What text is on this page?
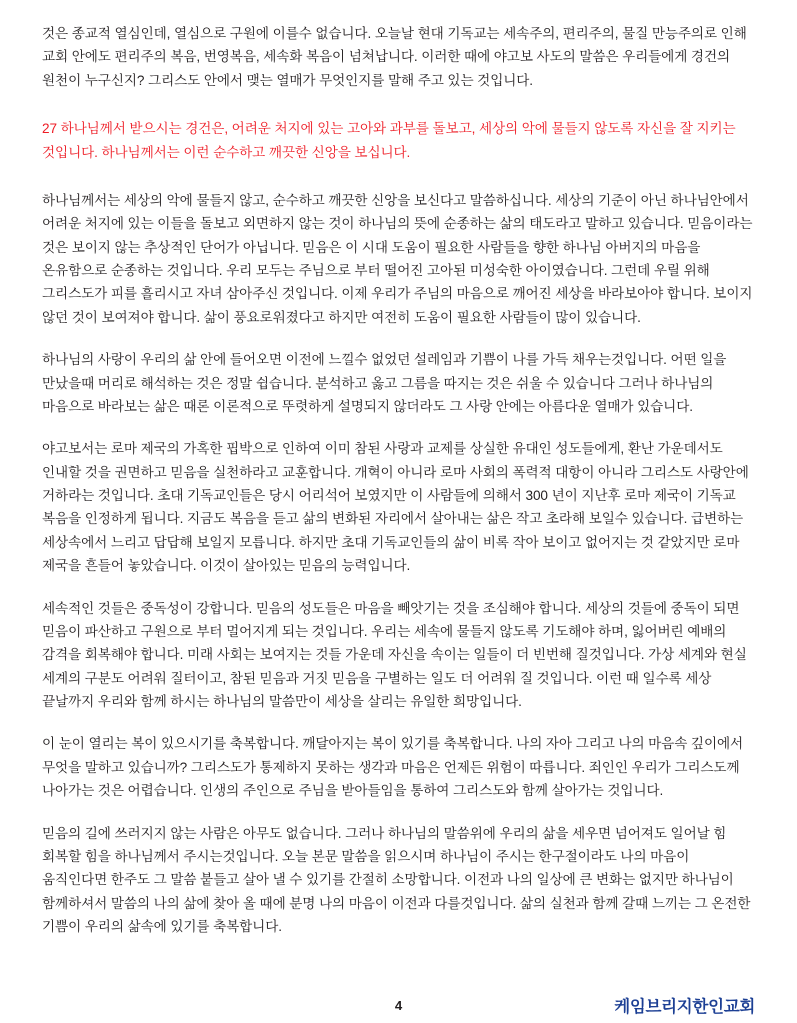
것은 종교적 열심인데, 열심으로 구원에 이를수 없습니다. 오늘날 현대 기독교는 세속주의, 편리주의, 물질 만능주의로 인해 교회 안에도 편리주의 복음, 번영복음, 세속화 복음이 넘쳐납니다. 이러한 때에 야고보 사도의 말씀은 우리들에게 경건의 원천이 누구신지? 그리스도 안에서 맺는 열매가 무엇인지를 말해 주고 있는 것입니다.

27 하나님께서 받으시는 경건은, 어려운 처지에 있는 고아와 과부를 돌보고, 세상의 악에 물들지 않도록 자신을 잘 지키는 것입니다. 하나님께서는 이런 순수하고 깨끗한 신앙을 보십니다.

하나님께서는 세상의 악에 물들지 않고, 순수하고 깨끗한 신앙을 보신다고 말씀하십니다. 세상의 기준이 아닌 하나님안에서 어려운 처지에 있는 이들을 돌보고 외면하지 않는 것이 하나님의 뜻에 순종하는 삶의 태도라고 말하고 있습니다. 믿음이라는 것은 보이지 않는 추상적인 단어가 아닙니다. 믿음은 이 시대 도움이 필요한 사람들을 향한 하나님 아버지의 마음을 온유함으로 순종하는 것입니다. 우리 모두는 주님으로 부터 떨어진 고아된 미성숙한 아이였습니다. 그런데 우릴 위해 그리스도가 피를 흘리시고 자녀 삼아주신 것입니다. 이제 우리가 주님의 마음으로 깨어진 세상을 바라보아야 합니다. 보이지 않던 것이 보여져야 합니다. 삶이 풍요로워졌다고 하지만 여전히 도움이 필요한 사람들이 많이 있습니다.

하나님의 사랑이 우리의 삶 안에 들어오면 이전에 느낄수 없었던 설레임과 기쁨이 나를 가득 채우는것입니다. 어떤 일을 만났을때 머리로 해석하는 것은 정말 쉽습니다. 분석하고 옳고 그름을 따지는 것은 쉬울 수 있습니다 그러나 하나님의 마음으로 바라보는 삶은 때론 이론적으로 뚜렷하게 설명되지 않더라도 그 사랑 안에는 아름다운 열매가 있습니다.

야고보서는 로마 제국의 가혹한 핍박으로 인하여 이미 참된 사랑과 교제를 상실한 유대인 성도들에게, 환난 가운데서도 인내할 것을 권면하고 믿음을 실천하라고 교훈합니다. 개혁이 아니라 로마 사회의 폭력적 대항이 아니라 그리스도 사랑안에 거하라는 것입니다. 초대 기독교인들은 당시 어리석어 보였지만 이 사람들에 의해서 300 년이 지난후 로마 제국이 기독교 복음을 인정하게 됩니다. 지금도 복음을 듣고 삶의 변화된 자리에서 살아내는 삶은 작고 초라해 보일수 있습니다. 급변하는 세상속에서 느리고 답답해 보일지 모릅니다. 하지만 초대 기독교인들의 삶이 비록 작아 보이고 없어지는 것 같았지만 로마 제국을 흔들어 놓았습니다. 이것이 살아있는 믿음의 능력입니다.

세속적인 것들은 중독성이 강합니다. 믿음의 성도들은 마음을 빼앗기는 것을 조심해야 합니다. 세상의 것들에 중독이 되면 믿음이 파산하고 구원으로 부터 멀어지게 되는 것입니다. 우리는 세속에 물들지 않도록 기도해야 하며, 잃어버린 예배의 감격을 회복해야 합니다. 미래 사회는 보여지는 것들 가운데 자신을 속이는 일들이 더 빈번해 질것입니다. 가상 세계와 현실 세계의 구분도 어려워 질터이고, 참된 믿음과 거짓 믿음을 구별하는 일도 더 어려워 질 것입니다. 이런 때 일수록 세상 끝날까지 우리와 함께 하시는 하나님의 말씀만이 세상을 살리는 유일한 희망입니다.

이 눈이 열리는 복이 있으시기를 축복합니다. 깨달아지는 복이 있기를 축복합니다. 나의 자아 그리고 나의 마음속 깊이에서 무엇을 말하고 있습니까? 그리스도가 통제하지 못하는 생각과 마음은 언제든 위험이 따릅니다. 죄인인 우리가 그리스도께 나아가는 것은 어렵습니다. 인생의 주인으로 주님을 받아들임을 통하여 그리스도와 함께 살아가는 것입니다.

믿음의 길에 쓰러지지 않는 사람은 아무도 없습니다. 그러나 하나님의 말씀위에 우리의 삶을 세우면 넘어져도 일어날 힘 회복할 힘을 하나님께서 주시는것입니다. 오늘 본문 말씀을 읽으시며 하나님이 주시는 한구절이라도 나의 마음이 움직인다면 한주도 그 말씀 붙들고 살아 낼 수 있기를 간절히 소망합니다. 이전과 나의 일상에 큰 변화는 없지만 하나님이 함께하셔서 말씀의 나의 삶에 찾아 올 때에 분명 나의 마음이 이전과 다를것입니다. 삶의 실천과 함께 갈때 느끼는 그 온전한 기쁨이 우리의 삶속에 있기를 축복합니다.

4	케임브리지한인교회
